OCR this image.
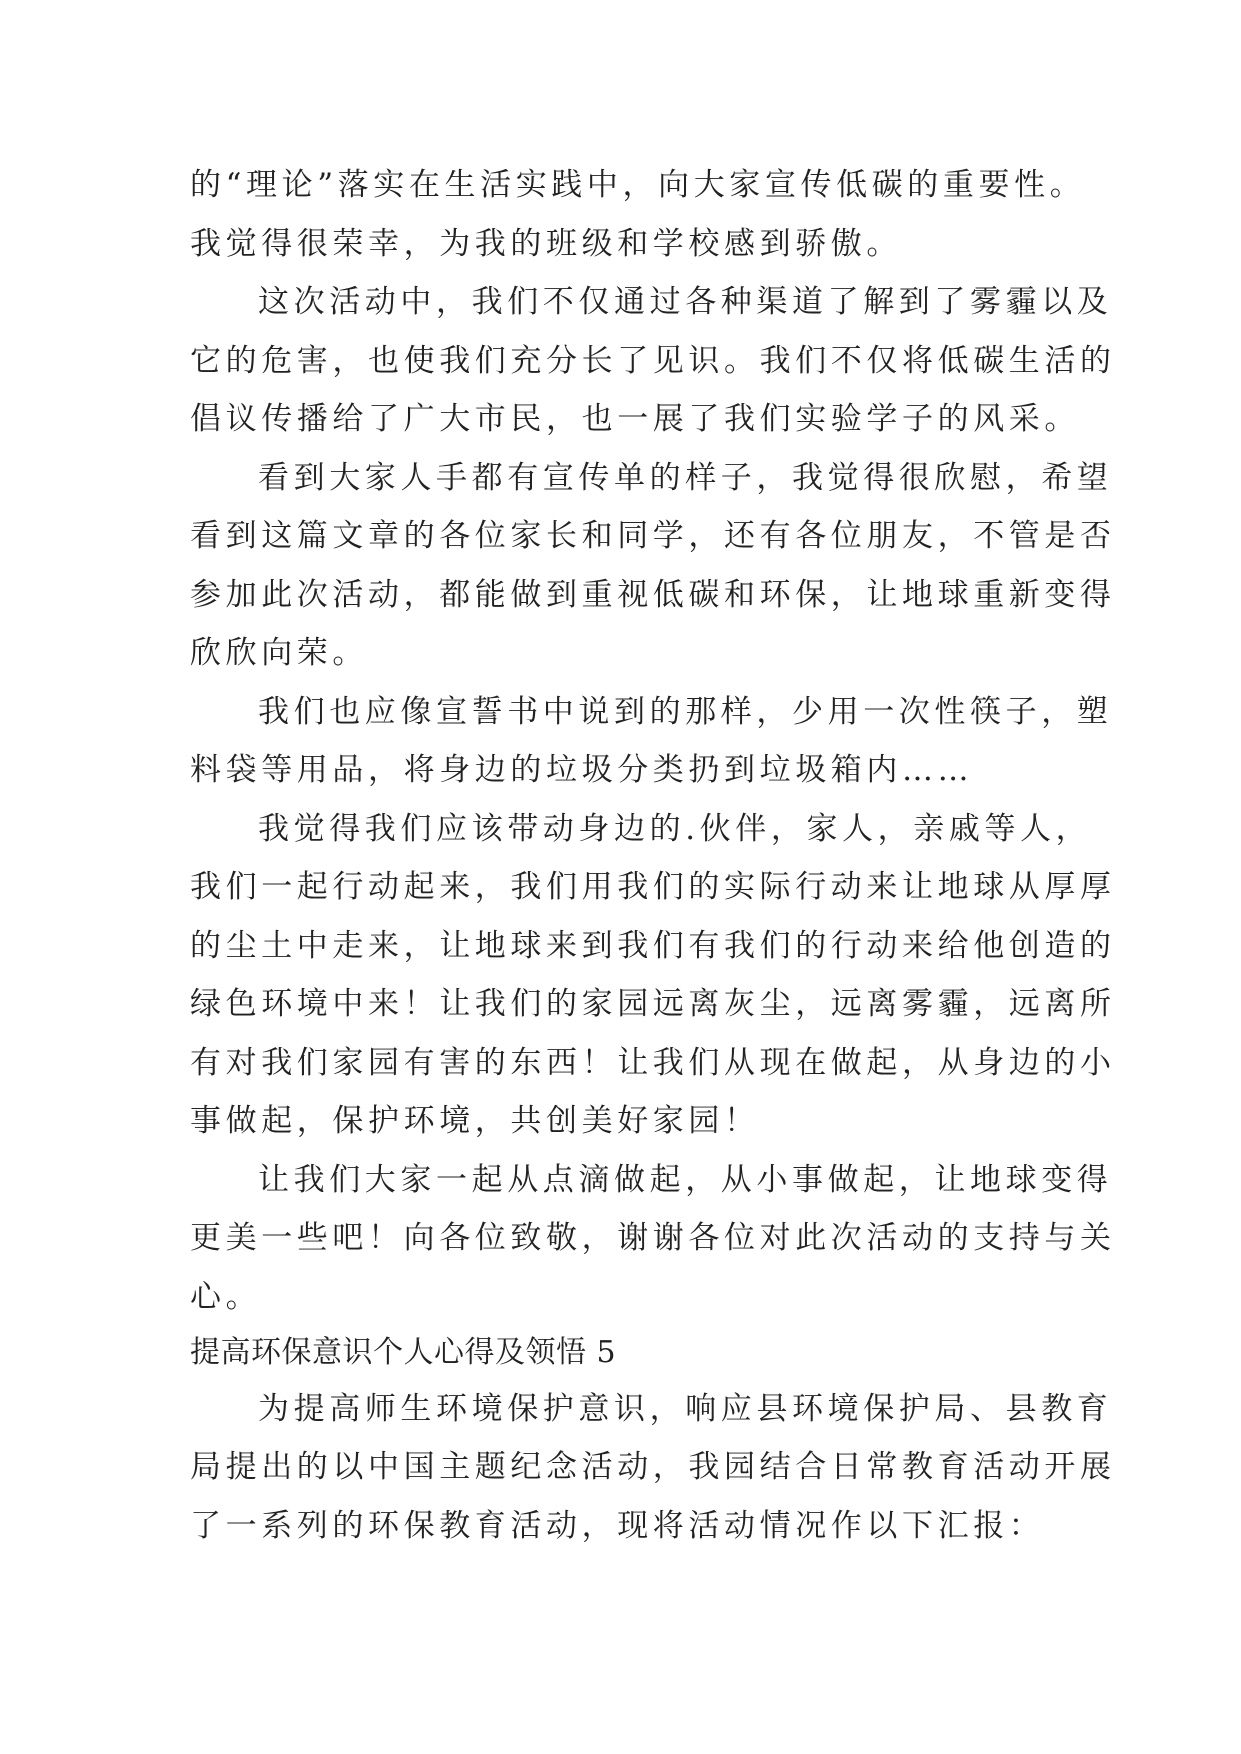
的“理论”落实在生活实践中，向大家宣传低碳的重要性。
我觉得很荣幸，为我的班级和学校感到骄傲。
这次活动中，我们不仅通过各种渠道了解到了雾霾以及
它的危害，也使我们充分长了见识。我们不仅将低碳生活的
倡议传播给了广大市民，也一展了我们实验学子的风采。
看到大家人手都有宣传单的样子，我觉得很欣慰，希望
看到这篇文章的各位家长和同学，还有各位朋友，不管是否
参加此次活动，都能做到重视低碳和环保，让地球重新变得
欣欣向荣。
我们也应像宣誓书中说到的那样，少用一次性筷子，塑
料袋等用品，将身边的垃圾分类扔到垃圾箱内……
我觉得我们应该带动身边的.伙伴，家人，亲戚等人，
我们一起行动起来，我们用我们的实际行动来让地球从厚厚
的尘土中走来，让地球来到我们有我们的行动来给他创造的
绿色环境中来！让我们的家园远离灰尘，远离雾霾，远离所
有对我们家园有害的东西！让我们从现在做起，从身边的小
事做起，保护环境，共创美好家园！
让我们大家一起从点滴做起，从小事做起，让地球变得
更美一些吧！向各位致敬，谢谢各位对此次活动的支持与关
心。
提高环保意识个人心得及领悟 5
为提高师生环境保护意识，响应县环境保护局、县教育
局提出的以中国主题纪念活动，我园结合日常教育活动开展
了一系列的环保教育活动，现将活动情况作以下汇报：
